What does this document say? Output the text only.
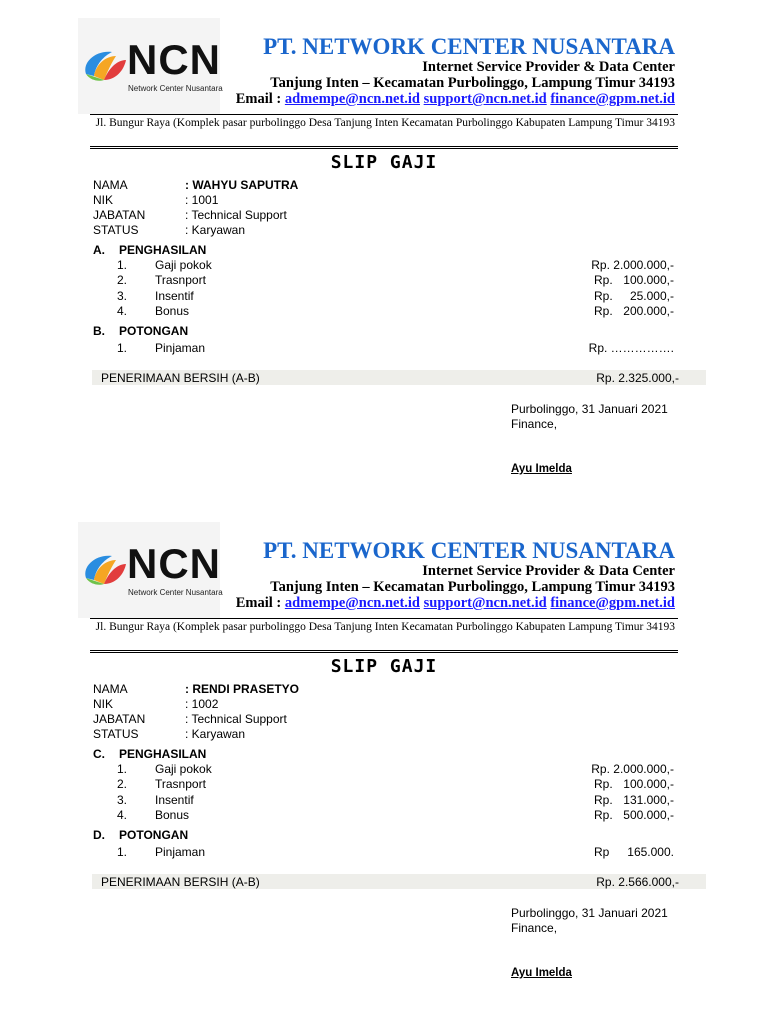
NCN
Network Center Nusantara
PT. NETWORK CENTER NUSANTARA
Internet Service Provider & Data Center
Tanjung Inten – Kecamatan Purbolinggo, Lampung Timur 34193
Email : admempe@ncn.net.id support@ncn.net.id finance@gpm.net.id
Jl. Bungur Raya (Komplek pasar purbolinggo Desa Tanjung Inten Kecamatan Purbolinggo Kabupaten Lampung Timur 34193
SLIP GAJI
NAMA	: WAHYU SAPUTRA
NIK	: 1001
JABATAN	: Technical Support
STATUS	: Karyawan
A. PENGHASILAN
1. Gaji pokok	Rp. 2.000.000,-
2. Trasnport	Rp. 100.000,-
3. Insentif	Rp. 25.000,-
4. Bonus	Rp. 200.000,-
B. POTONGAN
1. Pinjaman	Rp. …………….
PENERIMAAN BERSIH (A-B)	Rp. 2.325.000,-
Purbolinggo, 31 Januari 2021
Finance,
Ayu Imelda
NCN
Network Center Nusantara
PT. NETWORK CENTER NUSANTARA
Internet Service Provider & Data Center
Tanjung Inten – Kecamatan Purbolinggo, Lampung Timur 34193
Email : admempe@ncn.net.id support@ncn.net.id finance@gpm.net.id
Jl. Bungur Raya (Komplek pasar purbolinggo Desa Tanjung Inten Kecamatan Purbolinggo Kabupaten Lampung Timur 34193
SLIP GAJI
NAMA	: RENDI PRASETYO
NIK	: 1002
JABATAN	: Technical Support
STATUS	: Karyawan
C. PENGHASILAN
1. Gaji pokok	Rp. 2.000.000,-
2. Trasnport	Rp. 100.000,-
3. Insentif	Rp. 131.000,-
4. Bonus	Rp. 500.000,-
D. POTONGAN
1. Pinjaman	Rp 165.000.
PENERIMAAN BERSIH (A-B)	Rp. 2.566.000,-
Purbolinggo, 31 Januari 2021
Finance,
Ayu Imelda
